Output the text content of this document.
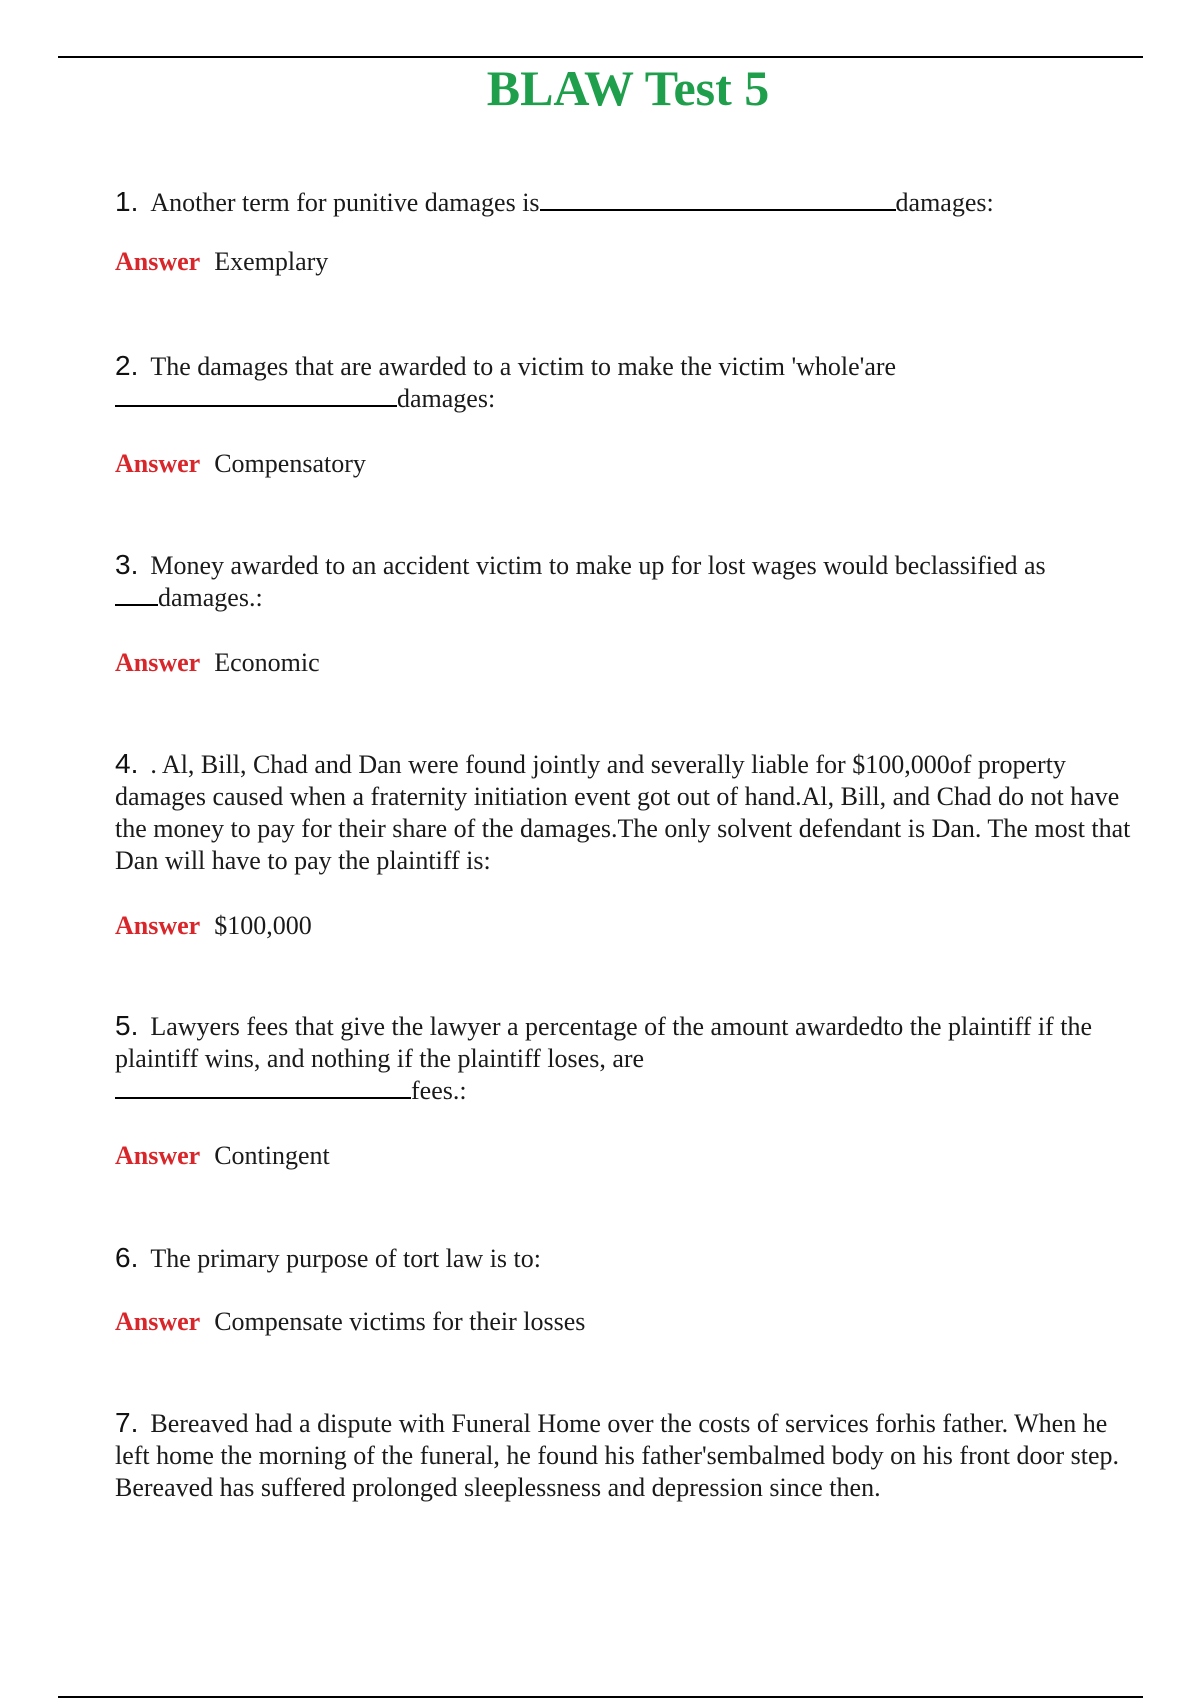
BLAW Test 5

1. Another term for punitive damages is	damages:

Answer Exemplary

2. The damages that are awarded to a victim to make the victim 'whole'are
damages:

Answer Compensatory

3. Money awarded to an accident victim to make up for lost wages would beclassified as
damages.:

Answer Economic

4. . Al, Bill, Chad and Dan were found jointly and severally liable for $100,000of property damages caused when a fraternity initiation event got out of hand.Al, Bill, and Chad do not have the money to pay for their share of the damages.The only solvent defendant is Dan. The most that Dan will have to pay the plaintiff is:

Answer $100,000

5. Lawyers fees that give the lawyer a percentage of the amount awardedto the plaintiff if the plaintiff wins, and nothing if the plaintiff loses, are
fees.:

Answer Contingent

6. The primary purpose of tort law is to:

Answer Compensate victims for their losses

7. Bereaved had a dispute with Funeral Home over the costs of services forhis father. When he left home the morning of the funeral, he found his father'sembalmed body on his front door step. Bereaved has suffered prolonged sleeplessness and depression since then.
